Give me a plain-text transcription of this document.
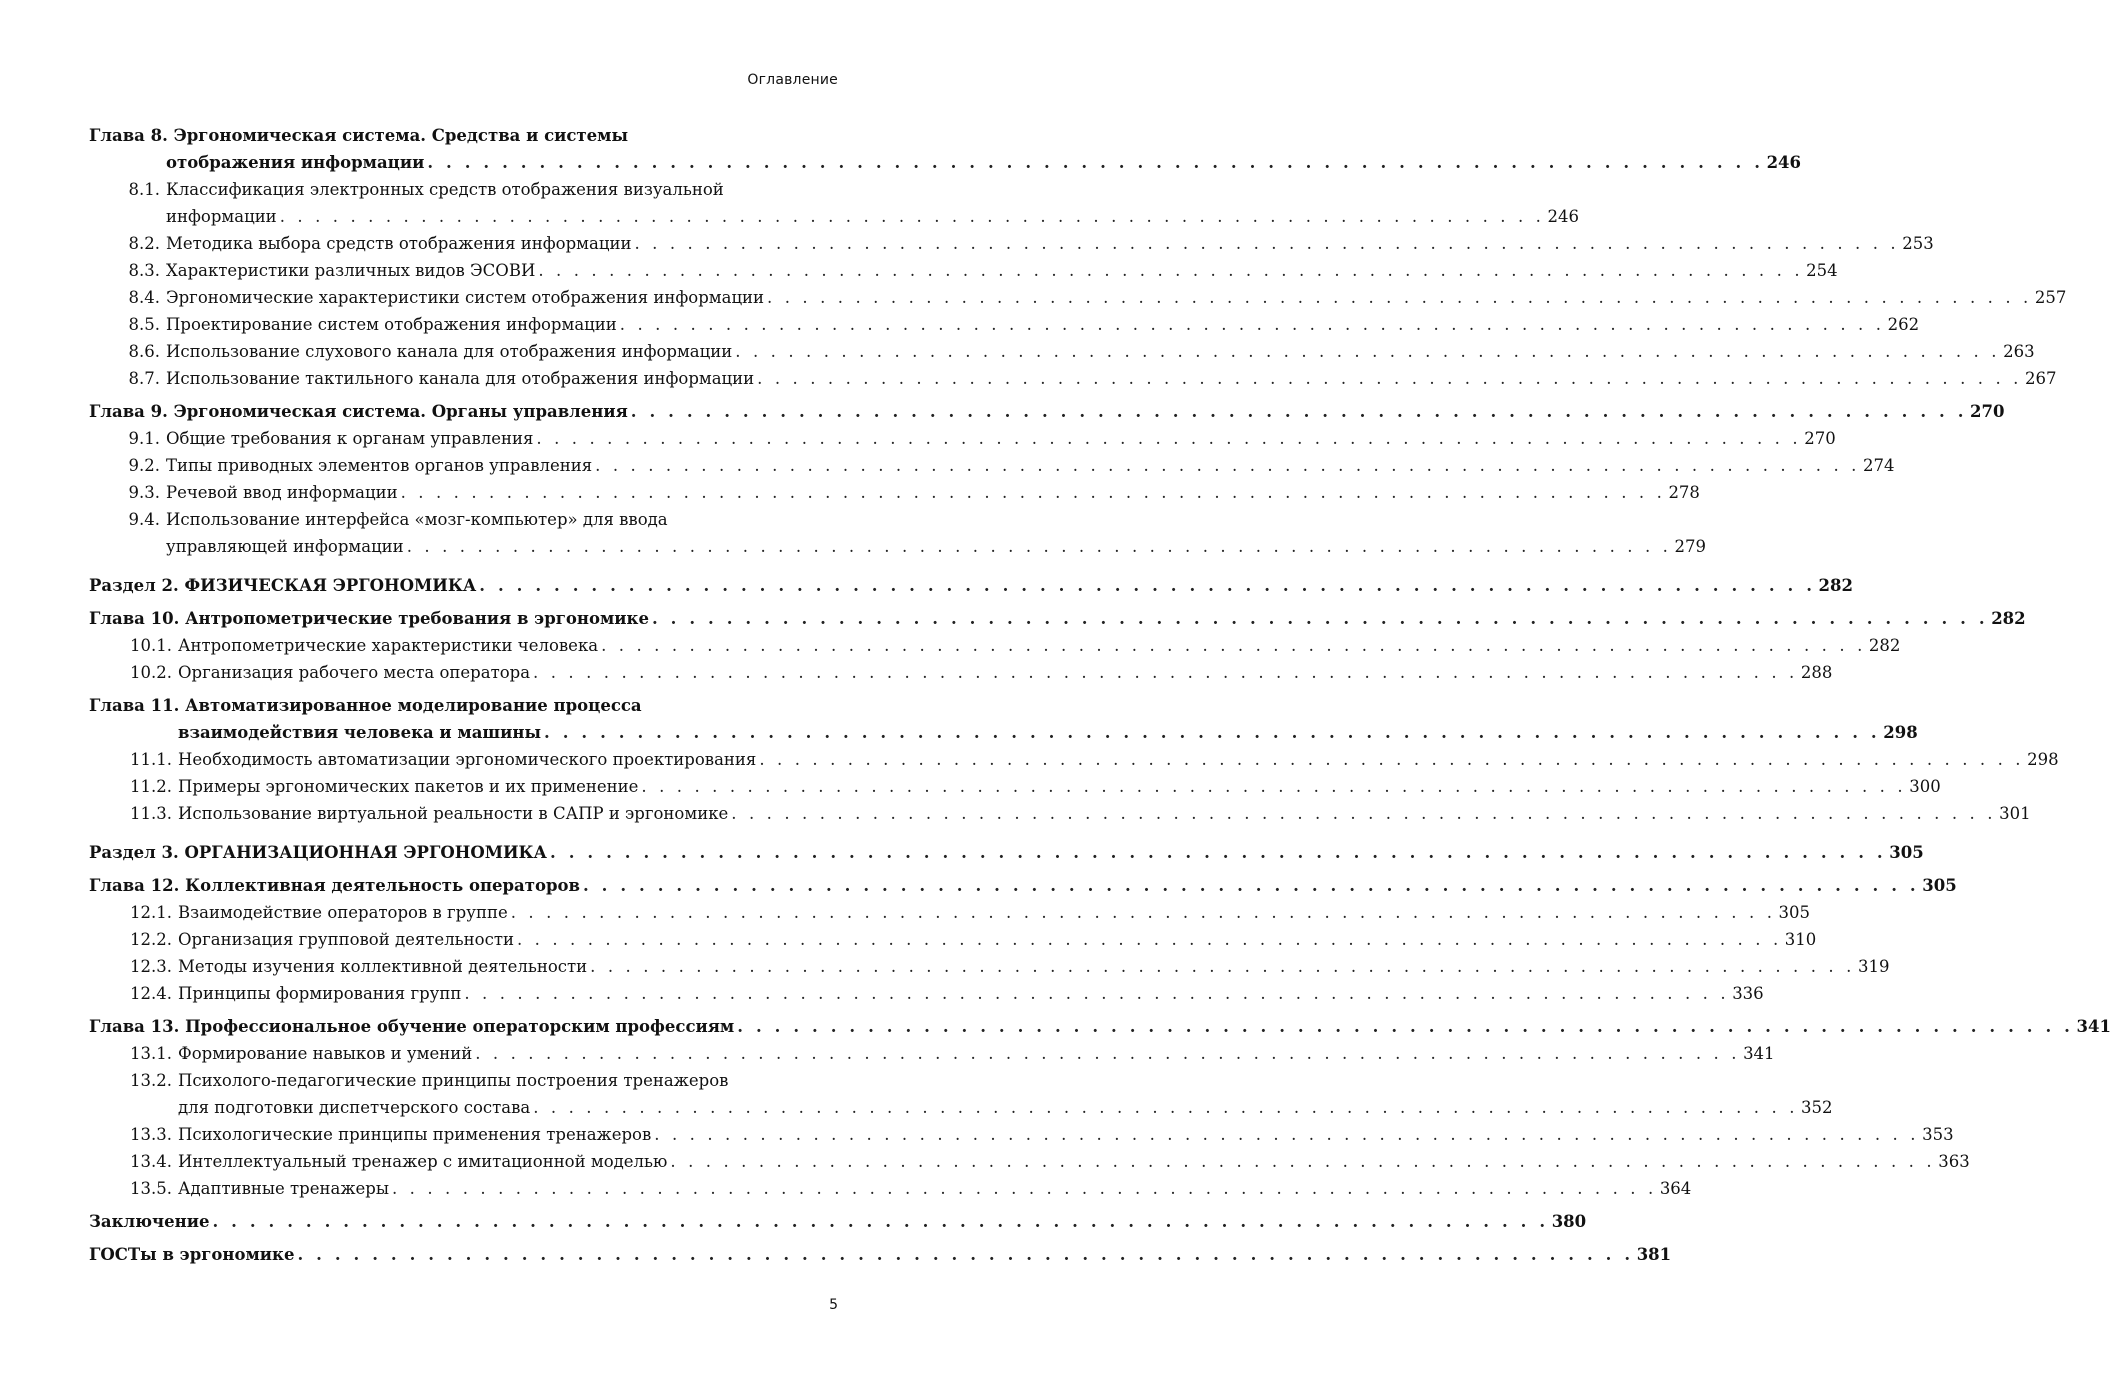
Оглавление
Глава 8. Эргономическая система. Средства и системы
отображения информации . . . . . . . . . . . . . . . . . . . . . . . . . . . . . . . . . . . . . . . . . . . . . . . . . . . . . . . . . . . . . . . . . . . . . . . . 246
8.1. Классификация электронных средств отображения визуальной
информации . . . . . . . . . . . . . . . . . . . . . . . . . . . . . . . . . . . . . . . . . . . . . . . . . . . . . . . . . . . . . . . . . . . . . . . . 246
8.2. Методика выбора средств отображения информации . . . . . . . . . . . . . . . . . . . . . . . . . . . . . . . . . . . . . . . . . . . . . . . . . . . . . . . . . . . . . . . . . . . . . . . . 253
8.3. Характеристики различных видов ЭСОВИ . . . . . . . . . . . . . . . . . . . . . . . . . . . . . . . . . . . . . . . . . . . . . . . . . . . . . . . . . . . . . . . . . . . . . . . . 254
8.4. Эргономические характеристики систем отображения информации . . . . . . . . . . . . . . . . . . . . . . . . . . . . . . . . . . . . . . . . . . . . . . . . . . . . . . . . . . . . . . . . . . . . . . . . 257
8.5. Проектирование систем отображения информации . . . . . . . . . . . . . . . . . . . . . . . . . . . . . . . . . . . . . . . . . . . . . . . . . . . . . . . . . . . . . . . . . . . . . . . . 262
8.6. Использование слухового канала для отображения информации . . . . . . . . . . . . . . . . . . . . . . . . . . . . . . . . . . . . . . . . . . . . . . . . . . . . . . . . . . . . . . . . . . . . . . . . 263
8.7. Использование тактильного канала для отображения информации . . . . . . . . . . . . . . . . . . . . . . . . . . . . . . . . . . . . . . . . . . . . . . . . . . . . . . . . . . . . . . . . . . . . . . . . 267
Глава 9. Эргономическая система. Органы управления . . . . . . . . . . . . . . . . . . . . . . . . . . . . . . . . . . . . . . . . . . . . . . . . . . . . . . . . . . . . . . . . . . . . . . . . 270
9.1. Общие требования к органам управления . . . . . . . . . . . . . . . . . . . . . . . . . . . . . . . . . . . . . . . . . . . . . . . . . . . . . . . . . . . . . . . . . . . . . . . . 270
9.2. Типы приводных элементов органов управления . . . . . . . . . . . . . . . . . . . . . . . . . . . . . . . . . . . . . . . . . . . . . . . . . . . . . . . . . . . . . . . . . . . . . . . . 274
9.3. Речевой ввод информации . . . . . . . . . . . . . . . . . . . . . . . . . . . . . . . . . . . . . . . . . . . . . . . . . . . . . . . . . . . . . . . . . . . . . . . . 278
9.4. Использование интерфейса «мозг-компьютер» для ввода
управляющей информации . . . . . . . . . . . . . . . . . . . . . . . . . . . . . . . . . . . . . . . . . . . . . . . . . . . . . . . . . . . . . . . . . . . . . . . . 279
Раздел 2. ФИЗИЧЕСКАЯ ЭРГОНОМИКА . . . . . . . . . . . . . . . . . . . . . . . . . . . . . . . . . . . . . . . . . . . . . . . . . . . . . . . . . . . . . . . . . . . . . . . . 282
Глава 10. Антропометрические требования в эргономике . . . . . . . . . . . . . . . . . . . . . . . . . . . . . . . . . . . . . . . . . . . . . . . . . . . . . . . . . . . . . . . . . . . . . . . . 282
10.1. Антропометрические характеристики человека . . . . . . . . . . . . . . . . . . . . . . . . . . . . . . . . . . . . . . . . . . . . . . . . . . . . . . . . . . . . . . . . . . . . . . . . 282
10.2. Организация рабочего места оператора . . . . . . . . . . . . . . . . . . . . . . . . . . . . . . . . . . . . . . . . . . . . . . . . . . . . . . . . . . . . . . . . . . . . . . . . 288
Глава 11. Автоматизированное моделирование процесса
взаимодействия человека и машины . . . . . . . . . . . . . . . . . . . . . . . . . . . . . . . . . . . . . . . . . . . . . . . . . . . . . . . . . . . . . . . . . . . . . . . . 298
11.1. Необходимость автоматизации эргономического проектирования . . . . . . . . . . . . . . . . . . . . . . . . . . . . . . . . . . . . . . . . . . . . . . . . . . . . . . . . . . . . . . . . . . . . . . . . 298
11.2. Примеры эргономических пакетов и их применение . . . . . . . . . . . . . . . . . . . . . . . . . . . . . . . . . . . . . . . . . . . . . . . . . . . . . . . . . . . . . . . . . . . . . . . . 300
11.3. Использование виртуальной реальности в САПР и эргономике . . . . . . . . . . . . . . . . . . . . . . . . . . . . . . . . . . . . . . . . . . . . . . . . . . . . . . . . . . . . . . . . . . . . . . . . 301
Раздел 3. ОРГАНИЗАЦИОННАЯ ЭРГОНОМИКА . . . . . . . . . . . . . . . . . . . . . . . . . . . . . . . . . . . . . . . . . . . . . . . . . . . . . . . . . . . . . . . . . . . . . . . . 305
Глава 12. Коллективная деятельность операторов . . . . . . . . . . . . . . . . . . . . . . . . . . . . . . . . . . . . . . . . . . . . . . . . . . . . . . . . . . . . . . . . . . . . . . . . 305
12.1. Взаимодействие операторов в группе . . . . . . . . . . . . . . . . . . . . . . . . . . . . . . . . . . . . . . . . . . . . . . . . . . . . . . . . . . . . . . . . . . . . . . . . 305
12.2. Организация групповой деятельности . . . . . . . . . . . . . . . . . . . . . . . . . . . . . . . . . . . . . . . . . . . . . . . . . . . . . . . . . . . . . . . . . . . . . . . . 310
12.3. Методы изучения коллективной деятельности . . . . . . . . . . . . . . . . . . . . . . . . . . . . . . . . . . . . . . . . . . . . . . . . . . . . . . . . . . . . . . . . . . . . . . . . 319
12.4. Принципы формирования групп . . . . . . . . . . . . . . . . . . . . . . . . . . . . . . . . . . . . . . . . . . . . . . . . . . . . . . . . . . . . . . . . . . . . . . . . 336
Глава 13. Профессиональное обучение операторским профессиям . . . . . . . . . . . . . . . . . . . . . . . . . . . . . . . . . . . . . . . . . . . . . . . . . . . . . . . . . . . . . . . . . . . . . . . . 341
13.1. Формирование навыков и умений . . . . . . . . . . . . . . . . . . . . . . . . . . . . . . . . . . . . . . . . . . . . . . . . . . . . . . . . . . . . . . . . . . . . . . . . 341
13.2. Психолого-педагогические принципы построения тренажеров
для подготовки диспетчерского состава . . . . . . . . . . . . . . . . . . . . . . . . . . . . . . . . . . . . . . . . . . . . . . . . . . . . . . . . . . . . . . . . . . . . . . . . 352
13.3. Психологические принципы применения тренажеров . . . . . . . . . . . . . . . . . . . . . . . . . . . . . . . . . . . . . . . . . . . . . . . . . . . . . . . . . . . . . . . . . . . . . . . . 353
13.4. Интеллектуальный тренажер с имитационной моделью . . . . . . . . . . . . . . . . . . . . . . . . . . . . . . . . . . . . . . . . . . . . . . . . . . . . . . . . . . . . . . . . . . . . . . . . 363
13.5. Адаптивные тренажеры . . . . . . . . . . . . . . . . . . . . . . . . . . . . . . . . . . . . . . . . . . . . . . . . . . . . . . . . . . . . . . . . . . . . . . . . 364
Заключение . . . . . . . . . . . . . . . . . . . . . . . . . . . . . . . . . . . . . . . . . . . . . . . . . . . . . . . . . . . . . . . . . . . . . . . . 380
ГОСТы в эргономике . . . . . . . . . . . . . . . . . . . . . . . . . . . . . . . . . . . . . . . . . . . . . . . . . . . . . . . . . . . . . . . . . . . . . . . . 381
5
